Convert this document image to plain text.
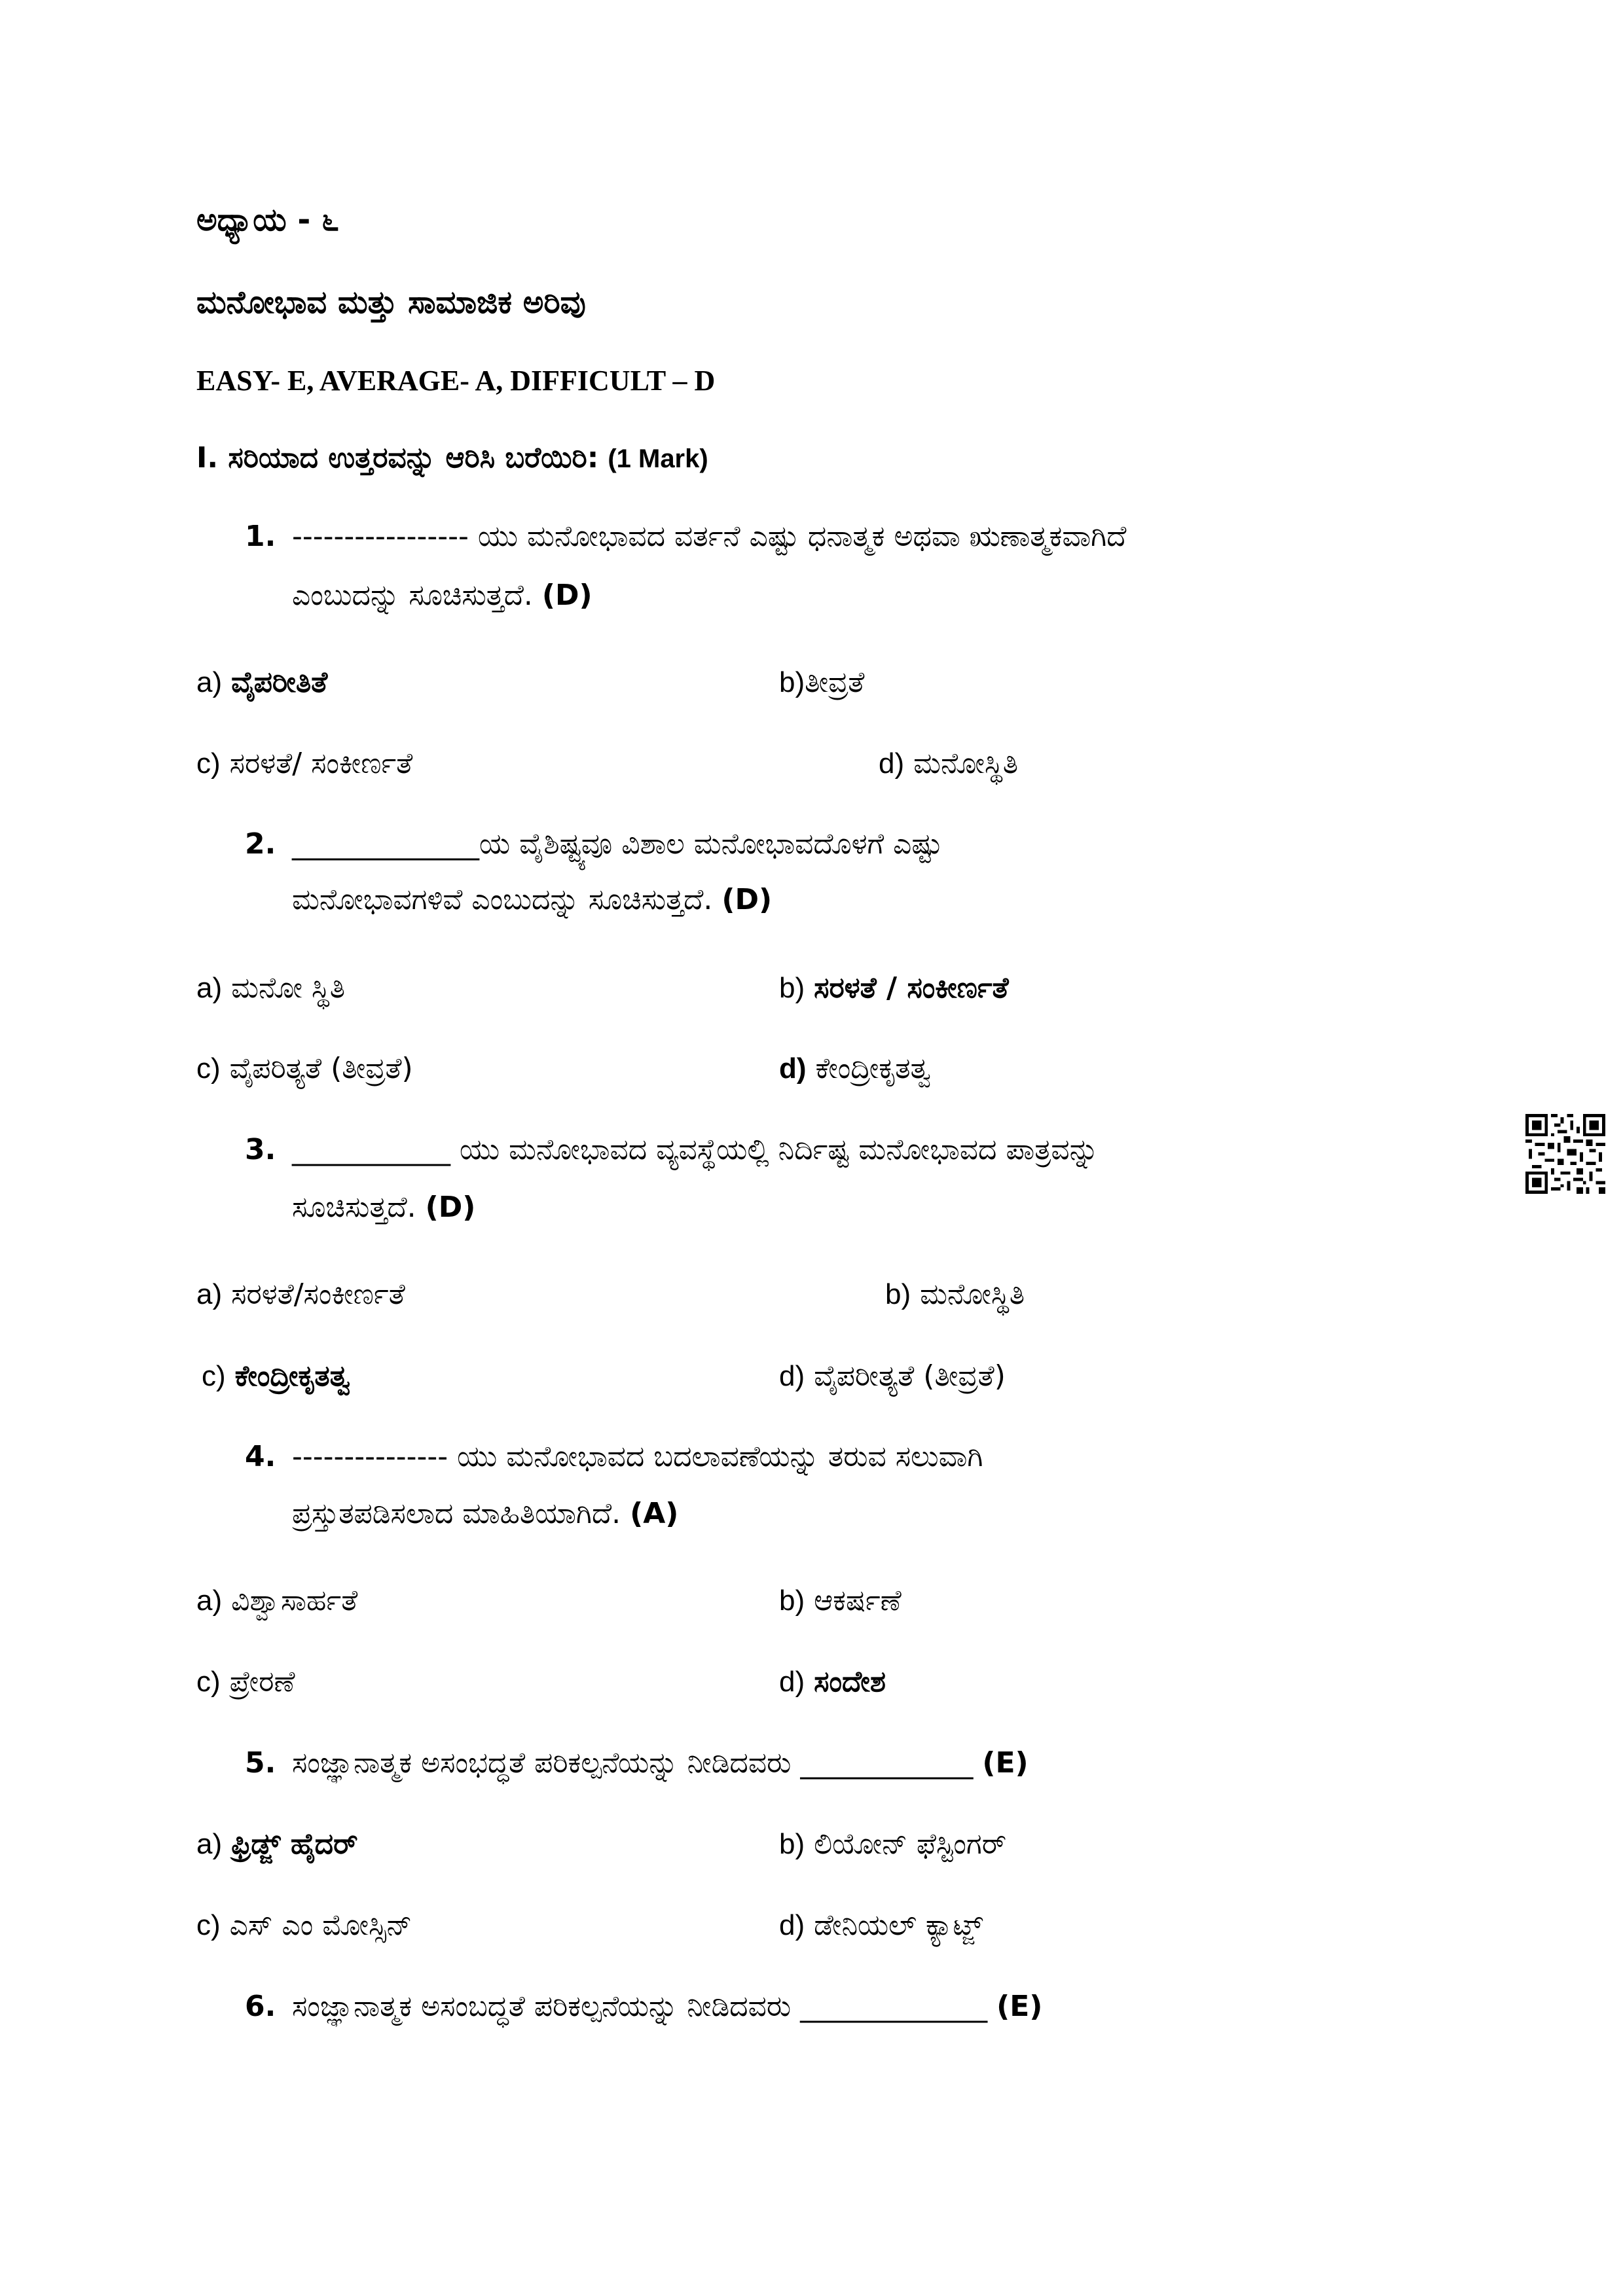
ಅಧ್ಯಾಯ - ೬
ಮನೋಭಾವ ಮತ್ತು ಸಾಮಾಜಿಕ ಅರಿವು
EASY- E, AVERAGE- A, DIFFICULT – D
I. ಸರಿಯಾದ ಉತ್ತರವನ್ನು ಆರಿಸಿ ಬರೆಯಿರಿ: (1 Mark)
1. ----------------- ಯು ಮನೋಭಾವದ ವರ್ತನೆ ಎಷ್ಟು ಧನಾತ್ಮಕ ಅಥವಾ ಋಣಾತ್ಮಕವಾಗಿದೆ
ಎಂಬುದನ್ನು ಸೂಚಿಸುತ್ತದೆ. (D)
a) ವೈಪರೀತಿತೆ	b)ತೀವ್ರತೆ
c) ಸರಳತೆ/ ಸಂಕೀರ್ಣತೆ	d) ಮನೋಸ್ಥಿತಿ
2. _____________ಯ ವೈಶಿಷ್ಟ್ಯವೂ ವಿಶಾಲ ಮನೋಭಾವದೊಳಗೆ ಎಷ್ಟು
ಮನೋಭಾವಗಳಿವೆ ಎಂಬುದನ್ನು ಸೂಚಿಸುತ್ತದೆ. (D)
a) ಮನೋ ಸ್ಥಿತಿ	b) ಸರಳತೆ / ಸಂಕೀರ್ಣತೆ
c) ವೈಪರಿತ್ಯತೆ (ತೀವ್ರತೆ)	d) ಕೇಂದ್ರೀಕೃತತ್ವ
3. ___________ ಯು ಮನೋಭಾವದ ವ್ಯವಸ್ಥೆಯಲ್ಲಿ ನಿರ್ದಿಷ್ಟ ಮನೋಭಾವದ ಪಾತ್ರವನ್ನು
ಸೂಚಿಸುತ್ತದೆ. (D)
a) ಸರಳತೆ/ಸಂಕೀರ್ಣತೆ	b) ಮನೋಸ್ಥಿತಿ
c) ಕೇಂದ್ರೀಕೃತತ್ವ	d) ವೈಪರೀತ್ಯತೆ (ತೀವ್ರತೆ)
4. --------------- ಯು ಮನೋಭಾವದ ಬದಲಾವಣೆಯನ್ನು ತರುವ ಸಲುವಾಗಿ
ಪ್ರಸ್ತುತಪಡಿಸಲಾದ ಮಾಹಿತಿಯಾಗಿದೆ. (A)
a) ವಿಶ್ವಾಸಾರ್ಹತೆ	b) ಆಕರ್ಷಣೆ
c) ಪ್ರೇರಣೆ	d) ಸಂದೇಶ
5. ಸಂಜ್ಞಾನಾತ್ಮಕ ಅಸಂಭದ್ಧತೆ ಪರಿಕಲ್ಪನೆಯನ್ನು ನೀಡಿದವರು ____________ (E)
a) ಫ್ರಿಡ್ಜ್ ಹೈದರ್	b) ಲಿಯೋನ್ ಫೆಸ್ಟಿಂಗರ್
c) ಎಸ್ ಎಂ ಮೋಸ್ಸಿನ್	d) ಡೇನಿಯಲ್ ಕ್ಯಾಟ್ಜ್
6. ಸಂಜ್ಞಾನಾತ್ಮಕ ಅಸಂಬದ್ಧತೆ ಪರಿಕಲ್ಪನೆಯನ್ನು ನೀಡಿದವರು _____________ (E)
